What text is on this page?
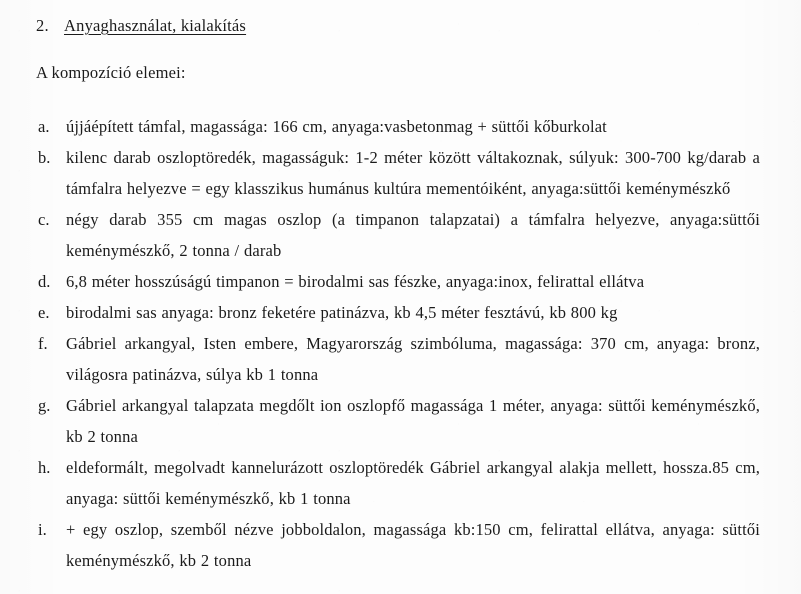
2. Anyaghasználat, kialakítás

A kompozíció elemei:

a.	újjáépített támfal, magassága: 166 cm, anyaga:vasbetonmag + süttői kőburkolat
b. kilenc darab oszloptöredék, magasságuk: 1-2 méter között váltakoznak, súlyuk: 300-700 kg/darab a támfalra helyezve = egy klasszikus humánus kultúra mementóiként, anyaga:süttői keménymészkő
c.	négy darab 355 cm magas oszlop (a timpanon talapzatai) a támfalra helyezve, anyaga:süttői keménymészkő, 2 tonna / darab
d. 6,8 méter hosszúságú timpanon = birodalmi sas fészke, anyaga:inox, felirattal ellátva
e.	birodalmi sas anyaga: bronz feketére patinázva, kb 4,5 méter fesztávú, kb 800 kg
f.	Gábriel arkangyal, Isten embere, Magyarország szimbóluma, magassága: 370 cm, anyaga: bronz, világosra patinázva, súlya kb 1 tonna
g. Gábriel arkangyal talapzata megdőlt ion oszlopfő magassága 1 méter, anyaga: süttői keménymészkő, kb 2 tonna
h. eldeformált, megolvadt kannelurázott oszloptöredék Gábriel arkangyal alakja mellett, hossza.85 cm, anyaga: süttői keménymészkő, kb 1 tonna
i.	+ egy oszlop, szemből nézve jobboldalon, magassága kb:150 cm, felirattal ellátva, anyaga: süttői keménymészkő, kb 2 tonna
